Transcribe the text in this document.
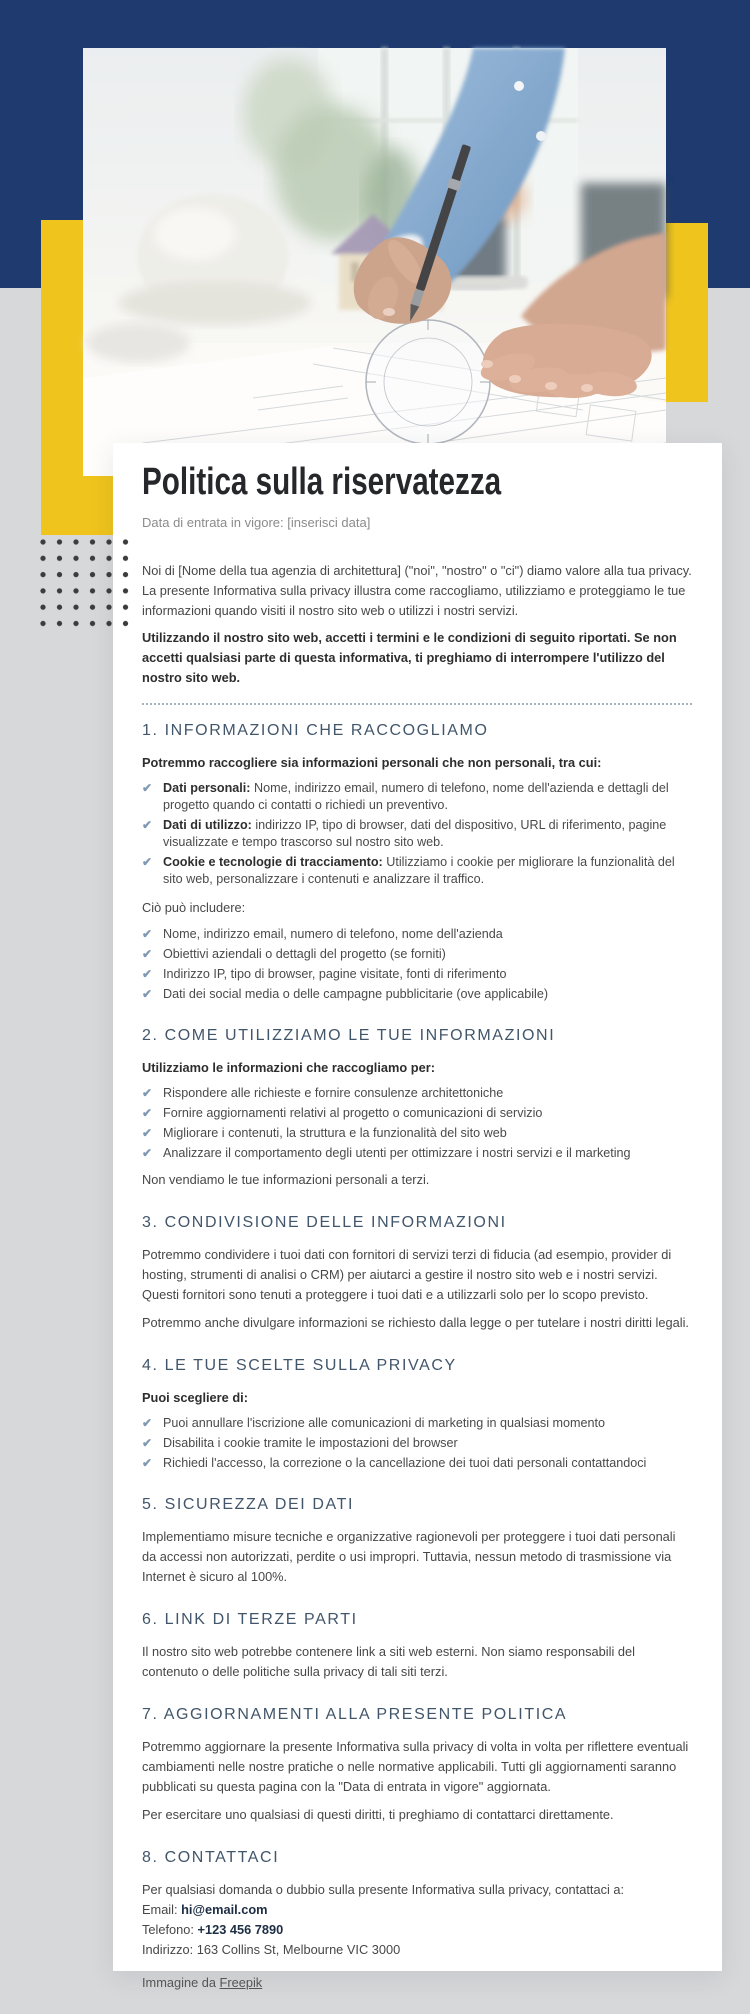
Politica sulla riservatezza

Data di entrata in vigore: [inserisci data]

Noi di [Nome della tua agenzia di architettura] ("noi", "nostro" o "ci") diamo valore alla tua privacy. La presente Informativa sulla privacy illustra come raccogliamo, utilizziamo e proteggiamo le tue informazioni quando visiti il nostro sito web o utilizzi i nostri servizi.

Utilizzando il nostro sito web, accetti i termini e le condizioni di seguito riportati. Se non accetti qualsiasi parte di questa informativa, ti preghiamo di interrompere l'utilizzo del nostro sito web.

1. INFORMAZIONI CHE RACCOGLIAMO

Potremmo raccogliere sia informazioni personali che non personali, tra cui:

✔ Dati personali: Nome, indirizzo email, numero di telefono, nome dell'azienda e dettagli del progetto quando ci contatti o richiedi un preventivo.
✔ Dati di utilizzo: indirizzo IP, tipo di browser, dati del dispositivo, URL di riferimento, pagine visualizzate e tempo trascorso sul nostro sito web.
✔ Cookie e tecnologie di tracciamento: Utilizziamo i cookie per migliorare la funzionalità del sito web, personalizzare i contenuti e analizzare il traffico.

Ciò può includere:

✔ Nome, indirizzo email, numero di telefono, nome dell'azienda
✔ Obiettivi aziendali o dettagli del progetto (se forniti)
✔ Indirizzo IP, tipo di browser, pagine visitate, fonti di riferimento
✔ Dati dei social media o delle campagne pubblicitarie (ove applicabile)
2. COME UTILIZZIAMO LE TUE INFORMAZIONI

Utilizziamo le informazioni che raccogliamo per:

✔ Rispondere alle richieste e fornire consulenze architettoniche
✔ Fornire aggiornamenti relativi al progetto o comunicazioni di servizio
✔ Migliorare i contenuti, la struttura e la funzionalità del sito web
✔ Analizzare il comportamento degli utenti per ottimizzare i nostri servizi e il marketing

Non vendiamo le tue informazioni personali a terzi.

3. CONDIVISIONE DELLE INFORMAZIONI

Potremmo condividere i tuoi dati con fornitori di servizi terzi di fiducia (ad esempio, provider di hosting, strumenti di analisi o CRM) per aiutarci a gestire il nostro sito web e i nostri servizi. Questi fornitori sono tenuti a proteggere i tuoi dati e a utilizzarli solo per lo scopo previsto.

Potremmo anche divulgare informazioni se richiesto dalla legge o per tutelare i nostri diritti legali.

4. LE TUE SCELTE SULLA PRIVACY

Puoi scegliere di:

✔ Puoi annullare l'iscrizione alle comunicazioni di marketing in qualsiasi momento
✔ Disabilita i cookie tramite le impostazioni del browser
✔ Richiedi l'accesso, la correzione o la cancellazione dei tuoi dati personali contattandoci
5. SICUREZZA DEI DATI

Implementiamo misure tecniche e organizzative ragionevoli per proteggere i tuoi dati personali da accessi non autorizzati, perdite o usi impropri. Tuttavia, nessun metodo di trasmissione via Internet è sicuro al 100%.

6. LINK DI TERZE PARTI

Il nostro sito web potrebbe contenere link a siti web esterni. Non siamo responsabili del contenuto o delle politiche sulla privacy di tali siti terzi.

7. AGGIORNAMENTI ALLA PRESENTE POLITICA

Potremmo aggiornare la presente Informativa sulla privacy di volta in volta per riflettere eventuali cambiamenti nelle nostre pratiche o nelle normative applicabili. Tutti gli aggiornamenti saranno pubblicati su questa pagina con la "Data di entrata in vigore" aggiornata.

Per esercitare uno qualsiasi di questi diritti, ti preghiamo di contattarci direttamente.

8. CONTATTACI

Per qualsiasi domanda o dubbio sulla presente Informativa sulla privacy, contattaci a:

Email: hi@email.com

Telefono: +123 456 7890

Indirizzo: 163 Collins St, Melbourne VIC 3000

Immagine da Freepik
